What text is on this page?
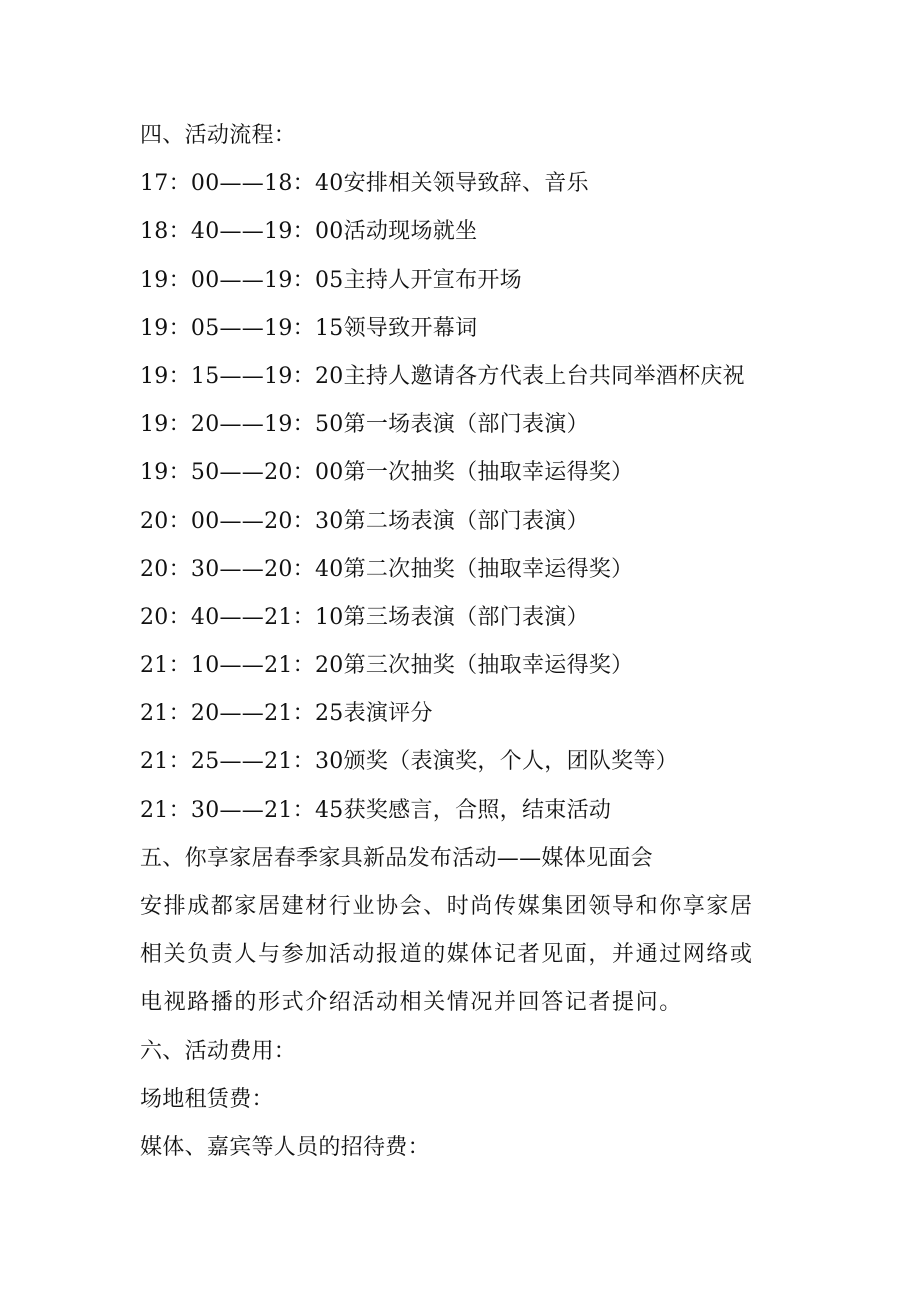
四、活动流程：
17：00——18：40安排相关领导致辞、音乐
18：40——19：00活动现场就坐
19：00——19：05主持人开宣布开场
19：05——19：15领导致开幕词
19：15——19：20主持人邀请各方代表上台共同举酒杯庆祝
19：20——19：50第一场表演（部门表演）
19：50——20：00第一次抽奖（抽取幸运得奖）
20：00——20：30第二场表演（部门表演）
20：30——20：40第二次抽奖（抽取幸运得奖）
20：40——21：10第三场表演（部门表演）
21：10——21：20第三次抽奖（抽取幸运得奖）
21：20——21：25表演评分
21：25——21：30颁奖（表演奖，个人，团队奖等）
21：30——21：45获奖感言，合照，结束活动
五、你享家居春季家具新品发布活动——媒体见面会
安排成都家居建材行业协会、时尚传媒集团领导和你享家居
相关负责人与参加活动报道的媒体记者见面，并通过网络或
电视路播的形式介绍活动相关情况并回答记者提问。
六、活动费用：
场地租赁费：
媒体、嘉宾等人员的招待费：
